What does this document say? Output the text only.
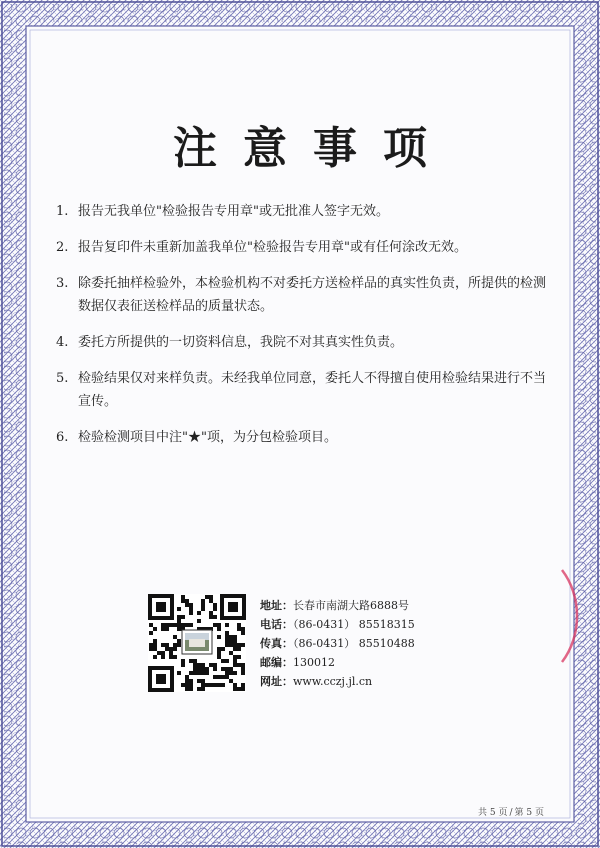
注意事项
1. 报告无我单位"检验报告专用章"或无批准人签字无效。
2. 报告复印件未重新加盖我单位"检验报告专用章"或有任何涂改无效。
3. 除委托抽样检验外，本检验机构不对委托方送检样品的真实性负责，所提供的检测数据仅表征送检样品的质量状态。
4. 委托方所提供的一切资料信息，我院不对其真实性负责。
5. 检验结果仅对来样负责。未经我单位同意，委托人不得擅自使用检验结果进行不当宣传。
6. 检验检测项目中注"★"项，为分包检验项目。
地址：长春市南湖大路6888号
电话：（86-0431） 85518315
传真：（86-0431） 85510488
邮编：130012
网址：www.cczj.jl.cn
共 5 页 / 第 5 页
